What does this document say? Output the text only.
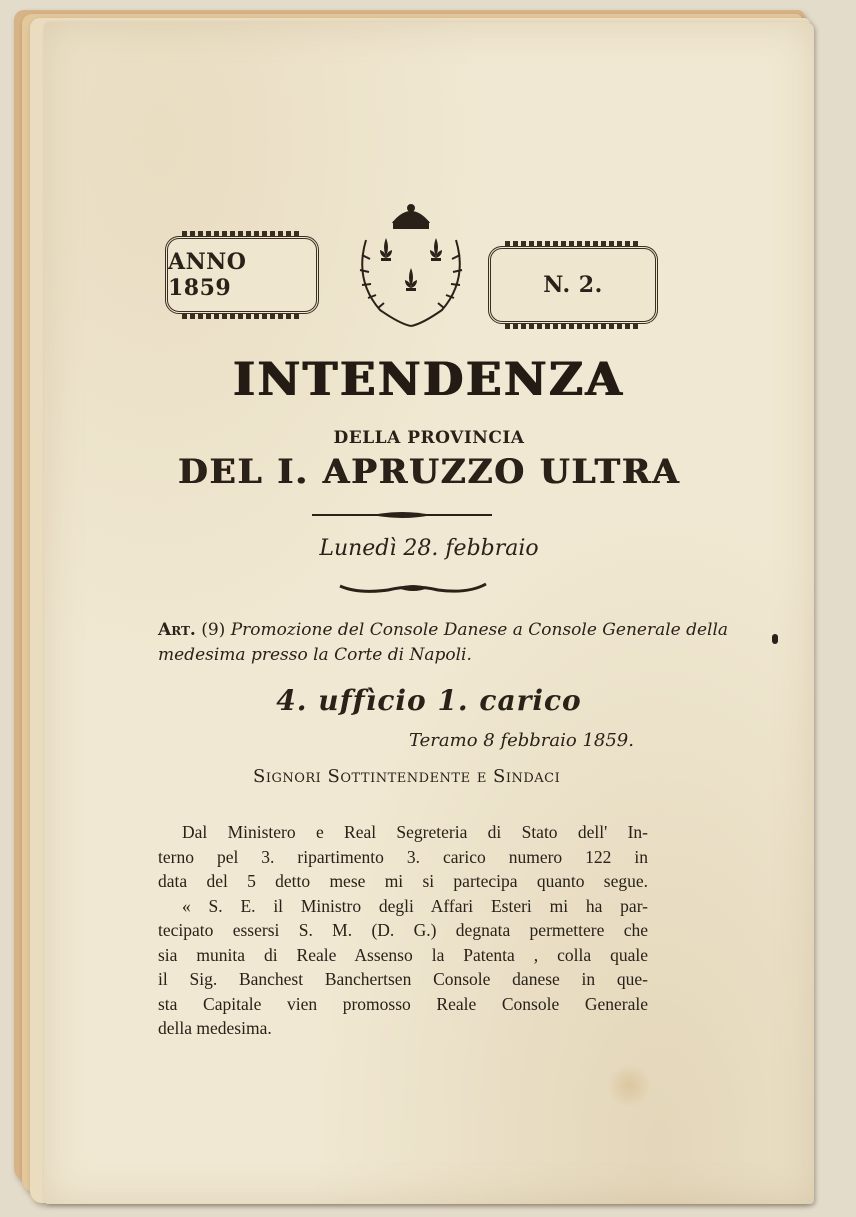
ANNO 1859	N. 2.
INTENDENZA
DELLA PROVINCIA
DEL I. APRUZZO ULTRA
Lunedì 28. febbraio
Art. (9) Promozione del Console Danese a Console Generale della medesima presso la Corte di Napoli.
4. uffìcio 1. carico
Teramo 8 febbraio 1859.
Signori Sottintendente e Sindaci
Dal Ministero e Real Segreteria di Stato dell' In-
terno pel 3. ripartimento 3. carico numero 122 in
data del 5 detto mese mi si partecipa quanto segue.
« S. E. il Ministro degli Affari Esteri mi ha par-
tecipato essersi S. M. (D. G.) degnata permettere che
sia munita di Reale Assenso la Patenta , colla quale
il Sig. Banchest Banchertsen Console danese in que-
sta Capitale vien promosso Reale Console Generale
della medesima.
